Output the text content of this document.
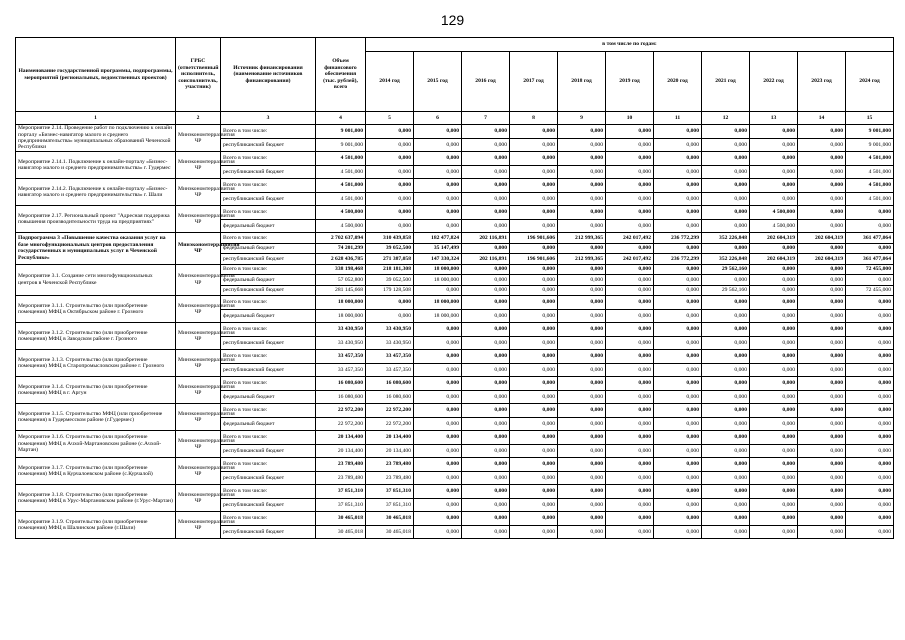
129
Наименование государственной программы, подпрограммы, мероприятий (региональных, ведомственных проектов)	ГРБС (ответственный исполнитель, соисполнитель, участник)	Источник финансирования (наименование источников финансирования)	Объем финансового обеспечения (тыс. рублей), всего	в том числе по годам:										
				2014 год	2015 год	2016 год	2017 год	2018 год	2019 год	2020 год	2021 год	2022 год	2023 год	2024 год
1	2	3	4	5	6	7	8	9	10	11	12	13	14	15
Мероприятие 2.14. Проведение работ по подключению к онлайн порталу «Бизнес-навигатор малого и среднего предпринимательства» муниципальных образований Чеченской Республики	Минэкономтерразвития ЧР	Всего в том числе:	9 001,000	0,000	0,000	0,000	0,000	0,000	0,000	0,000	0,000	0,000	0,000	9 001,000
		республиканский бюджет	9 001,000	0,000	0,000	0,000	0,000	0,000	0,000	0,000	0,000	0,000	0,000	9 001,000
Мероприятие 2.14.1. Подключение к онлайн-порталу «Бизнес-навигатор малого и среднего предпринимательства» г. Гудермес	Минэкономтерразвития ЧР	Всего в том числе:	4 501,000	0,000	0,000	0,000	0,000	0,000	0,000	0,000	0,000	0,000	0,000	4 501,000
		республиканский бюджет	4 501,000	0,000	0,000	0,000	0,000	0,000	0,000	0,000	0,000	0,000	0,000	4 501,000
Мероприятие 2.14.2. Подключение к онлайн-порталу «Бизнес-навигатор малого и среднего предпринимательства» г. Шали	Минэкономтерразвития ЧР	Всего в том числе:	4 501,000	0,000	0,000	0,000	0,000	0,000	0,000	0,000	0,000	0,000	0,000	4 501,000
		республиканский бюджет	4 501,000	0,000	0,000	0,000	0,000	0,000	0,000	0,000	0,000	0,000	0,000	4 501,000
Мероприятие 2.17. Региональный проект "Адресная поддержка повышения производительности труда на предприятиях"	Минэкономтерразвития ЧР	Всего в том числе:	4 500,000	0,000	0,000	0,000	0,000	0,000	0,000	0,000	0,000	4 500,000	0,000	0,000
		федеральный бюджет	4 500,000	0,000	0,000	0,000	0,000	0,000	0,000	0,000	0,000	4 500,000	0,000	0,000
Подпрограмма 3 «Повышение качества оказания услуг на базе многофункциональных центров предоставления государственных и муниципальных услуг в Чеченской Республике»	Минэкономтерразвития ЧР	Всего в том числе:	2 702 637,094	310 439,858	182 477,824	202 116,891	196 901,606	212 999,365	242 017,492	236 772,299	352 226,848	202 604,319	202 604,319	361 477,064
		федеральный бюджет	74 201,299	39 052,500	35 147,499	0,000	0,000	0,000	0,000	0,000	0,000	0,000	0,000	0,000
		республиканский бюджет	2 628 436,785	271 387,058	147 330,324	202 116,891	196 901,606	212 999,365	242 017,492	236 772,299	352 226,848	202 604,319	202 604,319	361 477,064
Мероприятие 3.1. Создание сети многофункциональных центров в Чеченской Республике	Минэкономтерразвития ЧР	Всего в том числе:	338 198,468	218 181,308	18 000,000	0,000	0,000	0,000	0,000	0,000	29 562,160	0,000	0,000	72 455,000
		федеральный бюджет	57 052,800	39 052,500	18 000,000	0,000	0,000	0,000	0,000	0,000	0,000	0,000	0,000	0,000
		республиканский бюджет	281 145,668	179 128,508	0,000	0,000	0,000	0,000	0,000	0,000	29 562,160	0,000	0,000	72 455,000
Мероприятие 3.1.1. Строительство (или приобретение помещения) МФЦ в Октябрьском районе г. Грозного	Минэкономтерразвития ЧР	Всего в том числе:	18 000,000	0,000	18 000,000	0,000	0,000	0,000	0,000	0,000	0,000	0,000	0,000	0,000
		федеральный бюджет	18 000,000	0,000	18 000,000	0,000	0,000	0,000	0,000	0,000	0,000	0,000	0,000	0,000
Мероприятие 3.1.2. Строительство (или приобретение помещения) МФЦ в Заводском районе г. Грозного	Минэкономтерразвития ЧР	Всего в том числе:	33 430,950	33 430,950	0,000	0,000	0,000	0,000	0,000	0,000	0,000	0,000	0,000	0,000
		республиканский бюджет	33 430,950	33 430,950	0,000	0,000	0,000	0,000	0,000	0,000	0,000	0,000	0,000	0,000
Мероприятие 3.1.3. Строительство (или приобретение помещения) МФЦ в Старопромысловском районе г. Грозного	Минэкономтерразвития ЧР	Всего в том числе:	33 457,350	33 457,350	0,000	0,000	0,000	0,000	0,000	0,000	0,000	0,000	0,000	0,000
		республиканский бюджет	33 457,350	33 457,350	0,000	0,000	0,000	0,000	0,000	0,000	0,000	0,000	0,000	0,000
Мероприятие 3.1.4. Строительство (или приобретение помещения) МФЦ в г. Аргун	Минэкономтерразвития ЧР	Всего в том числе:	16 080,600	16 080,600	0,000	0,000	0,000	0,000	0,000	0,000	0,000	0,000	0,000	0,000
		федеральный бюджет	16 080,600	16 080,600	0,000	0,000	0,000	0,000	0,000	0,000	0,000	0,000	0,000	0,000
Мероприятие 3.1.5. Строительство МФЦ (или приобретение помещения) в Гудермесском районе (г.Гудермес)	Минэкономтерразвития ЧР	Всего в том числе:	22 972,200	22 972,200	0,000	0,000	0,000	0,000	0,000	0,000	0,000	0,000	0,000	0,000
		федеральный бюджет	22 972,200	22 972,200	0,000	0,000	0,000	0,000	0,000	0,000	0,000	0,000	0,000	0,000
Мероприятие 3.1.6. Строительство (или приобретение помещения) МФЦ в Ачхой-Мартановском районе (с.Ачхой-Мартан)	Минэкономтерразвития ЧР	Всего в том числе:	20 134,400	20 134,400	0,000	0,000	0,000	0,000	0,000	0,000	0,000	0,000	0,000	0,000
		республиканский бюджет	20 134,400	20 134,400	0,000	0,000	0,000	0,000	0,000	0,000	0,000	0,000	0,000	0,000
Мероприятие 3.1.7. Строительство (или приобретение помещения) МФЦ в Курчалоевском районе (с.Курчалой)	Минэкономтерразвития ЧР	Всего в том числе:	23 789,480	23 789,480	0,000	0,000	0,000	0,000	0,000	0,000	0,000	0,000	0,000	0,000
		республиканский бюджет	23 789,480	23 789,480	0,000	0,000	0,000	0,000	0,000	0,000	0,000	0,000	0,000	0,000
Мероприятие 3.1.8. Строительство (или приобретение помещения) МФЦ в Урус-Мартановском районе (г.Урус-Мартан)	Минэкономтерразвития ЧР	Всего в том числе:	37 851,310	37 851,310	0,000	0,000	0,000	0,000	0,000	0,000	0,000	0,000	0,000	0,000
		республиканский бюджет	37 851,310	37 851,310	0,000	0,000	0,000	0,000	0,000	0,000	0,000	0,000	0,000	0,000
Мероприятие 3.1.9. Строительство (или приобретение помещения) МФЦ в Шалинском районе (г.Шали)	Минэкономтерразвития ЧР	Всего в том числе:	30 465,018	30 465,018	0,000	0,000	0,000	0,000	0,000	0,000	0,000	0,000	0,000	0,000
		республиканский бюджет	30 465,018	30 465,018	0,000	0,000	0,000	0,000	0,000	0,000	0,000	0,000	0,000	0,000
